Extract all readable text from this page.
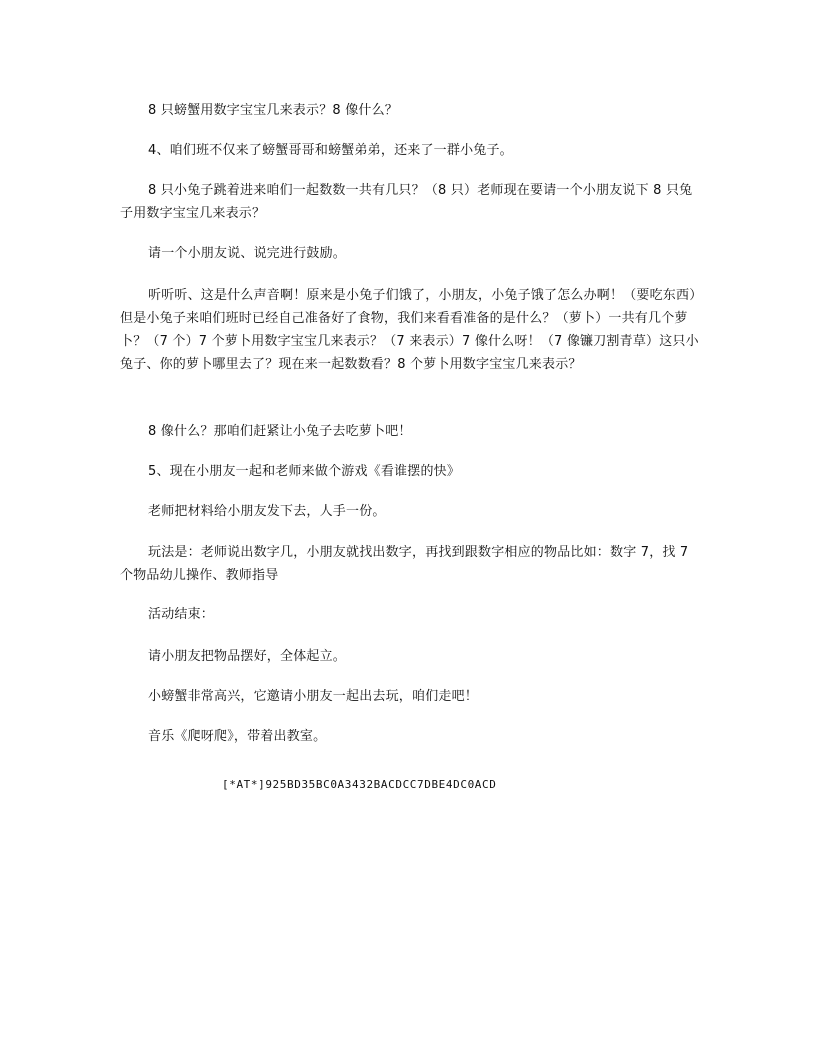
8 只螃蟹用数字宝宝几来表示？8 像什么？

4、咱们班不仅来了螃蟹哥哥和螃蟹弟弟，还来了一群小兔子。

8 只小兔子跳着进来咱们一起数数一共有几只？（8 只）老师现在要请一个小朋友说下 8 只兔子用数字宝宝几来表示？

请一个小朋友说、说完进行鼓励。

听听听、这是什么声音啊！原来是小兔子们饿了，小朋友，小兔子饿了怎么办啊！（要吃东西）但是小兔子来咱们班时已经自己准备好了食物，我们来看看准备的是什么？（萝卜）一共有几个萝卜？（7 个）7 个萝卜用数字宝宝几来表示？（7 来表示）7 像什么呀！（7 像镰刀割青草）这只小兔子、你的萝卜哪里去了？现在来一起数数看？8 个萝卜用数字宝宝几来表示？

8 像什么？那咱们赶紧让小兔子去吃萝卜吧！

5、现在小朋友一起和老师来做个游戏《看谁摆的快》

老师把材料给小朋友发下去，人手一份。

玩法是：老师说出数字几，小朋友就找出数字，再找到跟数字相应的物品比如：数字 7，找 7 个物品幼儿操作、教师指导

活动结束：

请小朋友把物品摆好，全体起立。

小螃蟹非常高兴，它邀请小朋友一起出去玩，咱们走吧！

音乐《爬呀爬》，带着出教室。

[*AT*]925BD35BC0A3432BACDCC7DBE4DC0ACD
